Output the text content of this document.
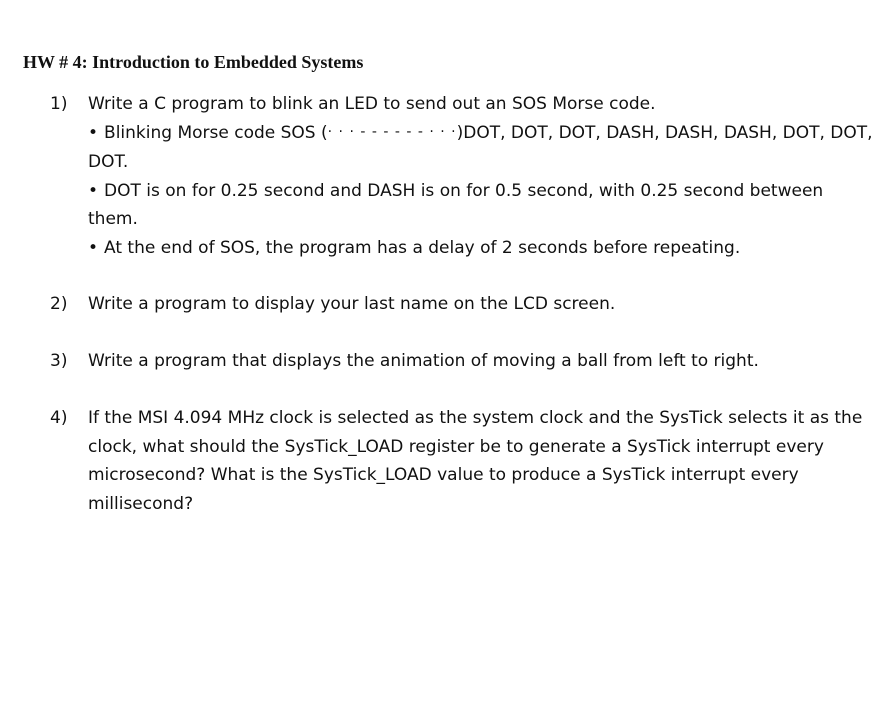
HW # 4: Introduction to Embedded Systems
1)	Write a C program to blink an LED to send out an SOS Morse code.
• Blinking Morse code SOS (· · · - - - - - - · · ·)DOT, DOT, DOT, DASH, DASH, DASH, DOT, DOT, DOT.
• DOT is on for 0.25 second and DASH is on for 0.5 second, with 0.25 second between them.
• At the end of SOS, the program has a delay of 2 seconds before repeating.
2)	Write a program to display your last name on the LCD screen.
3)	Write a program that displays the animation of moving a ball from left to right.
4)	If the MSI 4.094 MHz clock is selected as the system clock and the SysTick selects it as the clock, what should the SysTick_LOAD register be to generate a SysTick interrupt every microsecond? What is the SysTick_LOAD value to produce a SysTick interrupt every millisecond?
